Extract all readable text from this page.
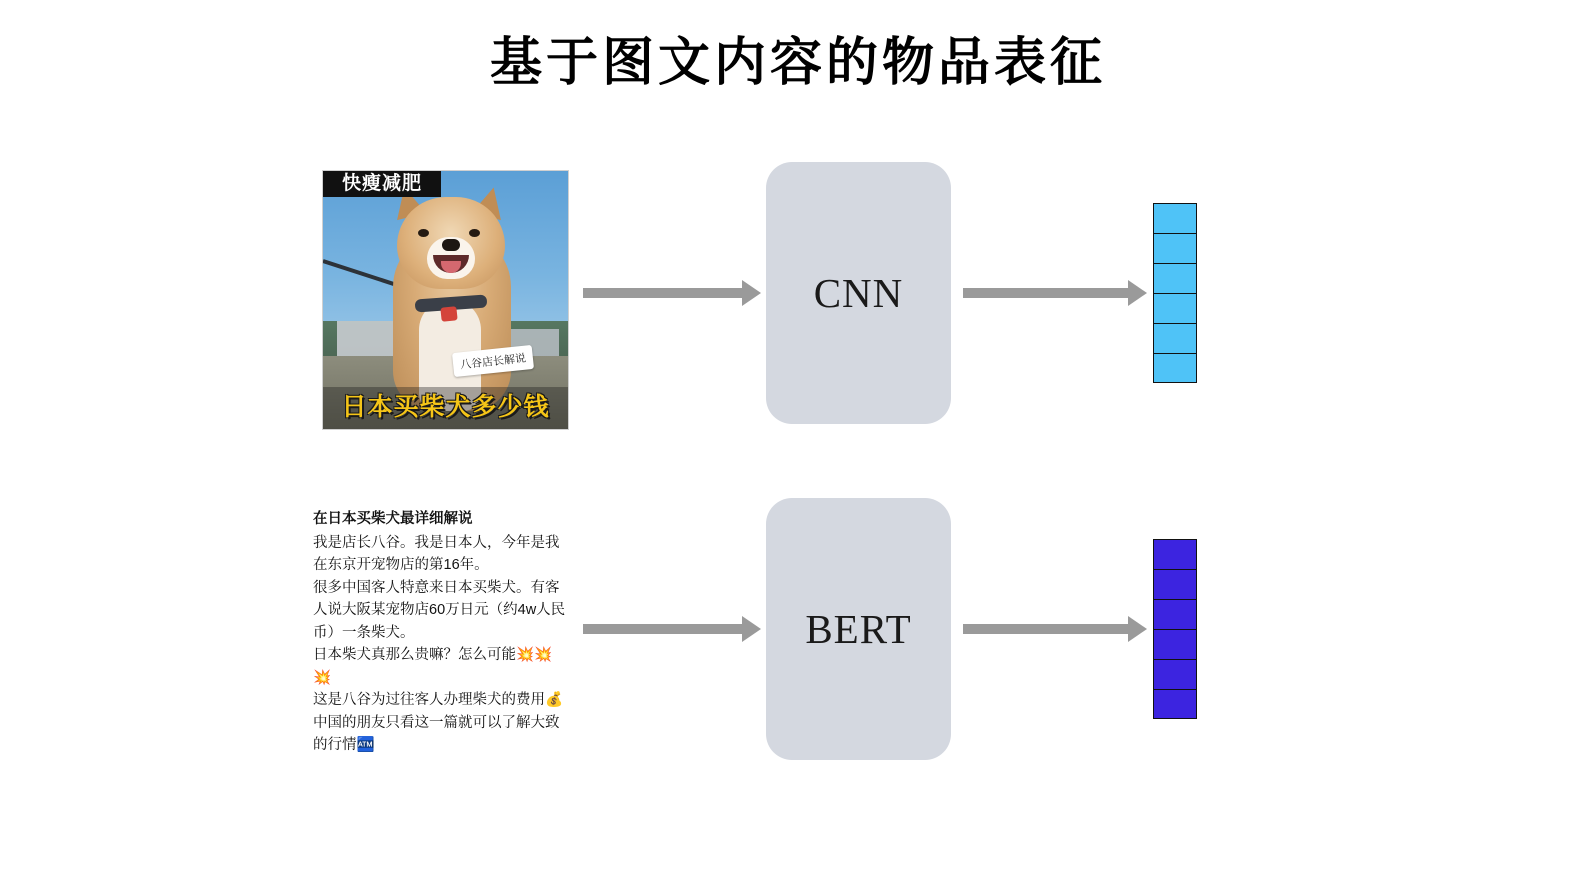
基于图文内容的物品表征
快瘦减肥
八谷店长解说
日本买柴犬多少钱

在日本买柴犬最详细解说

我是店长八谷。我是日本人，今年是我

在东京开宠物店的第16年。

很多中国客人特意来日本买柴犬。有客

人说大阪某宠物店60万日元（约4w人民

币）一条柴犬。

日本柴犬真那么贵嘛？怎么可能💥💥

💥

这是八谷为过往客人办理柴犬的费用💰

中国的朋友只看这一篇就可以了解大致

的行情🏧

CNN
BERT
